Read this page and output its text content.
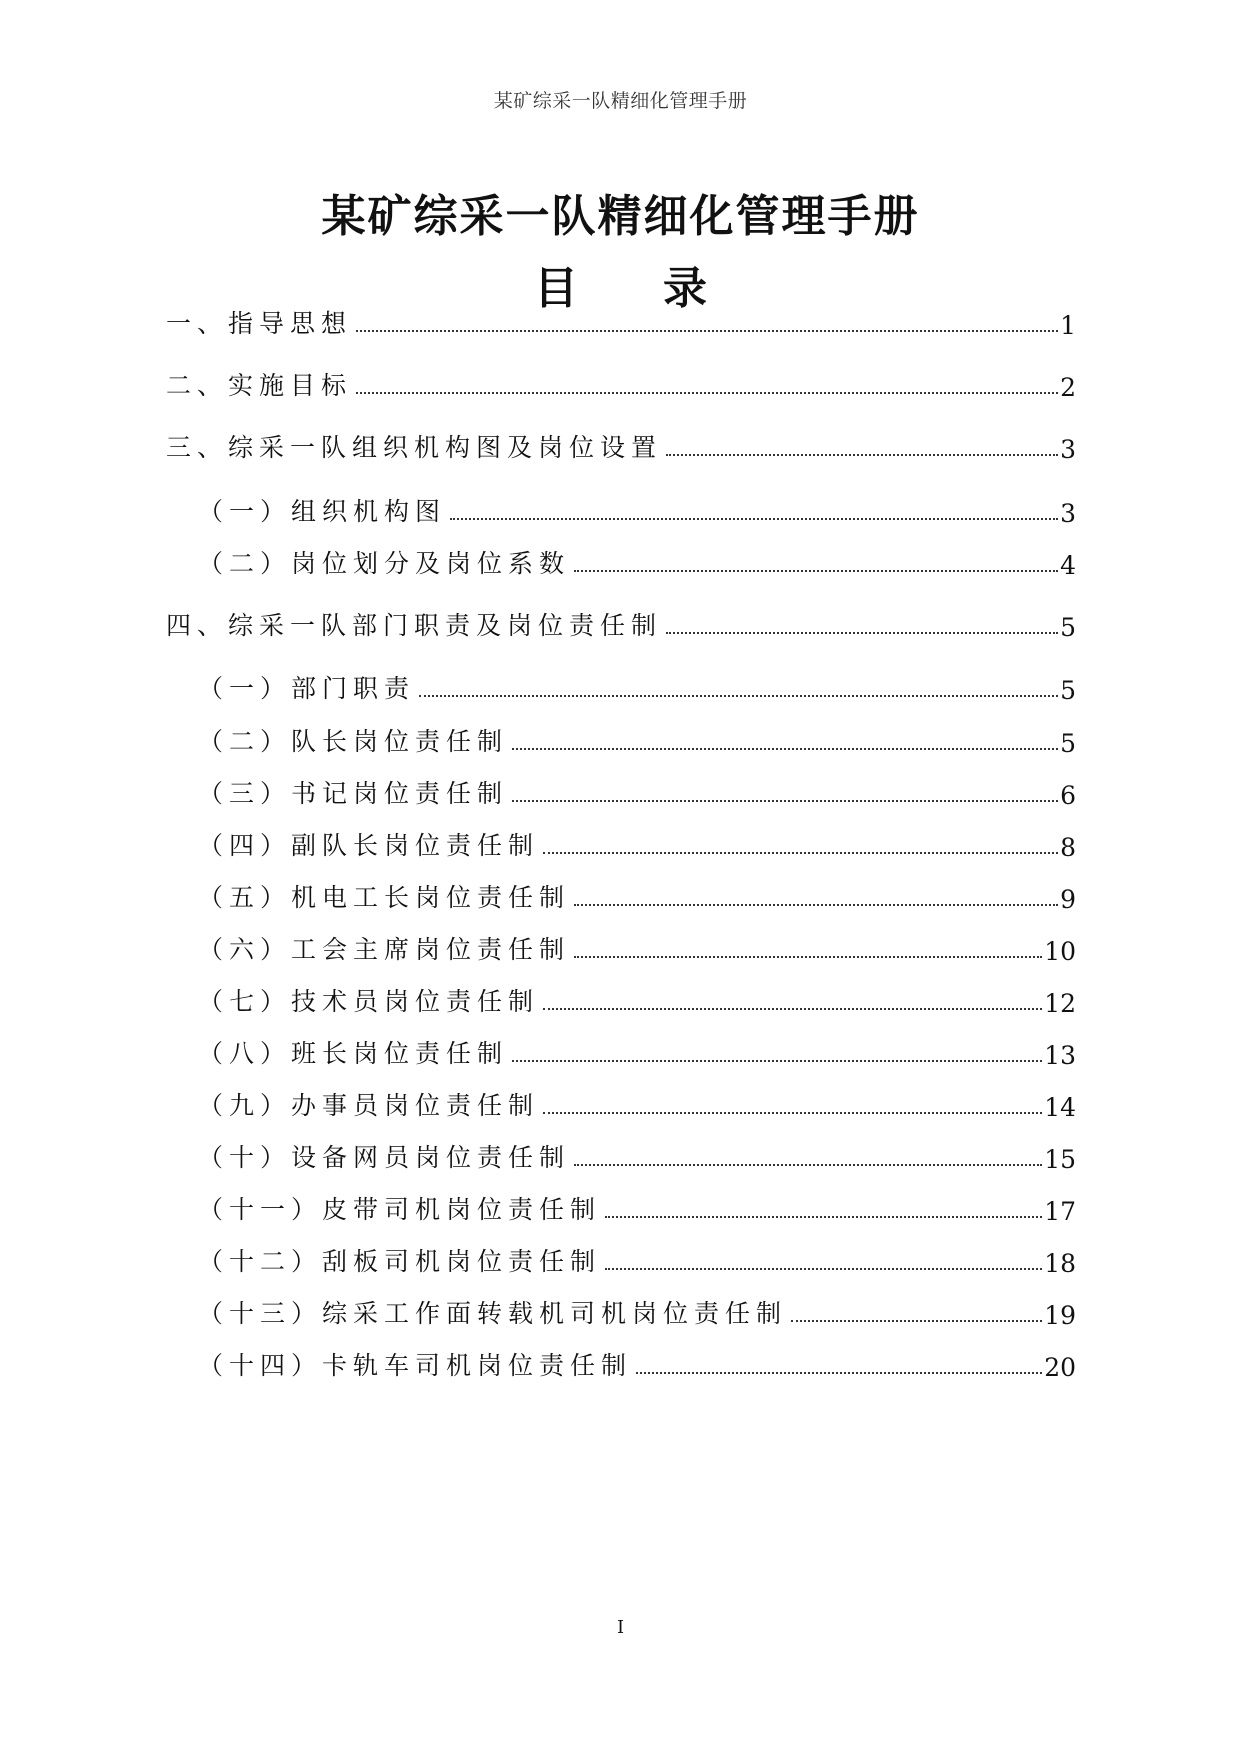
某矿综采一队精细化管理手册
某矿综采一队精细化管理手册
目 录
一、指导思想	1
二、实施目标	2
三、综采一队组织机构图及岗位设置	3
（一）组织机构图	3
（二）岗位划分及岗位系数	4
四、综采一队部门职责及岗位责任制	5
（一）部门职责	5
（二）队长岗位责任制	5
（三）书记岗位责任制	6
（四）副队长岗位责任制	8
（五）机电工长岗位责任制	9
（六）工会主席岗位责任制	10
（七）技术员岗位责任制	12
（八）班长岗位责任制	13
（九）办事员岗位责任制	14
（十）设备网员岗位责任制	15
（十一）皮带司机岗位责任制	17
（十二）刮板司机岗位责任制	18
（十三）综采工作面转载机司机岗位责任制	19
（十四）卡轨车司机岗位责任制	20
I
